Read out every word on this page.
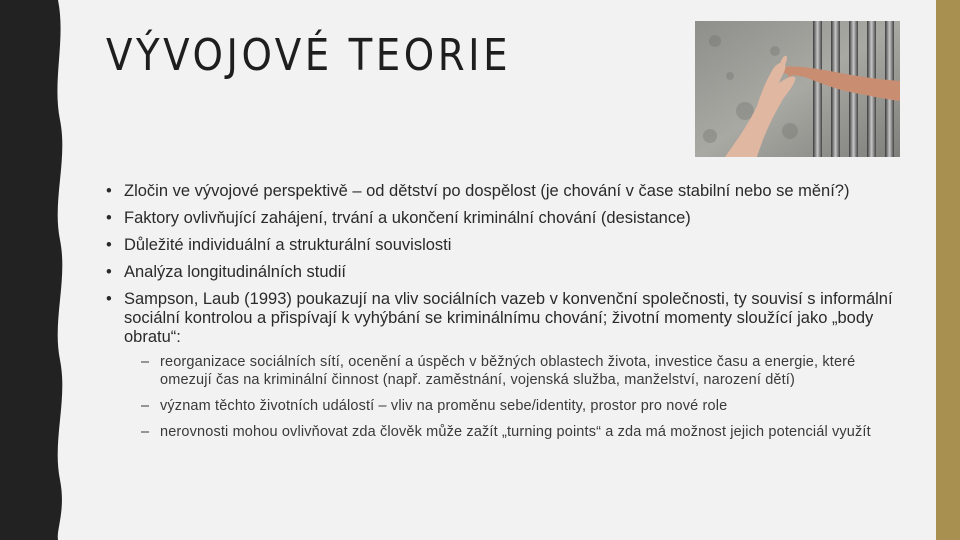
VÝVOJOVÉ TEORIE
• Zločin ve vývojové perspektivě – od dětství po dospělost (je chování v čase stabilní nebo se mění?)
• Faktory ovlivňující zahájení, trvání a ukončení kriminální chování (desistance)
• Důležité individuální a strukturální souvislosti
• Analýza longitudinálních studií
• Sampson, Laub (1993) poukazují na vliv sociálních vazeb v konvenční společnosti, ty souvisí s informální sociální kontrolou a přispívají k vyhýbání se kriminálnímu chování; životní momenty sloužící jako „body obratu“:
– reorganizace sociálních sítí, ocenění a úspěch v běžných oblastech života, investice času a energie, které omezují čas na kriminální činnost (např. zaměstnání, vojenská služba, manželství, narození dětí)
– význam těchto životních událostí – vliv na proměnu sebe/identity, prostor pro nové role
– nerovnosti mohou ovlivňovat zda člověk může zažít „turning points“ a zda má možnost jejich potenciál využít
